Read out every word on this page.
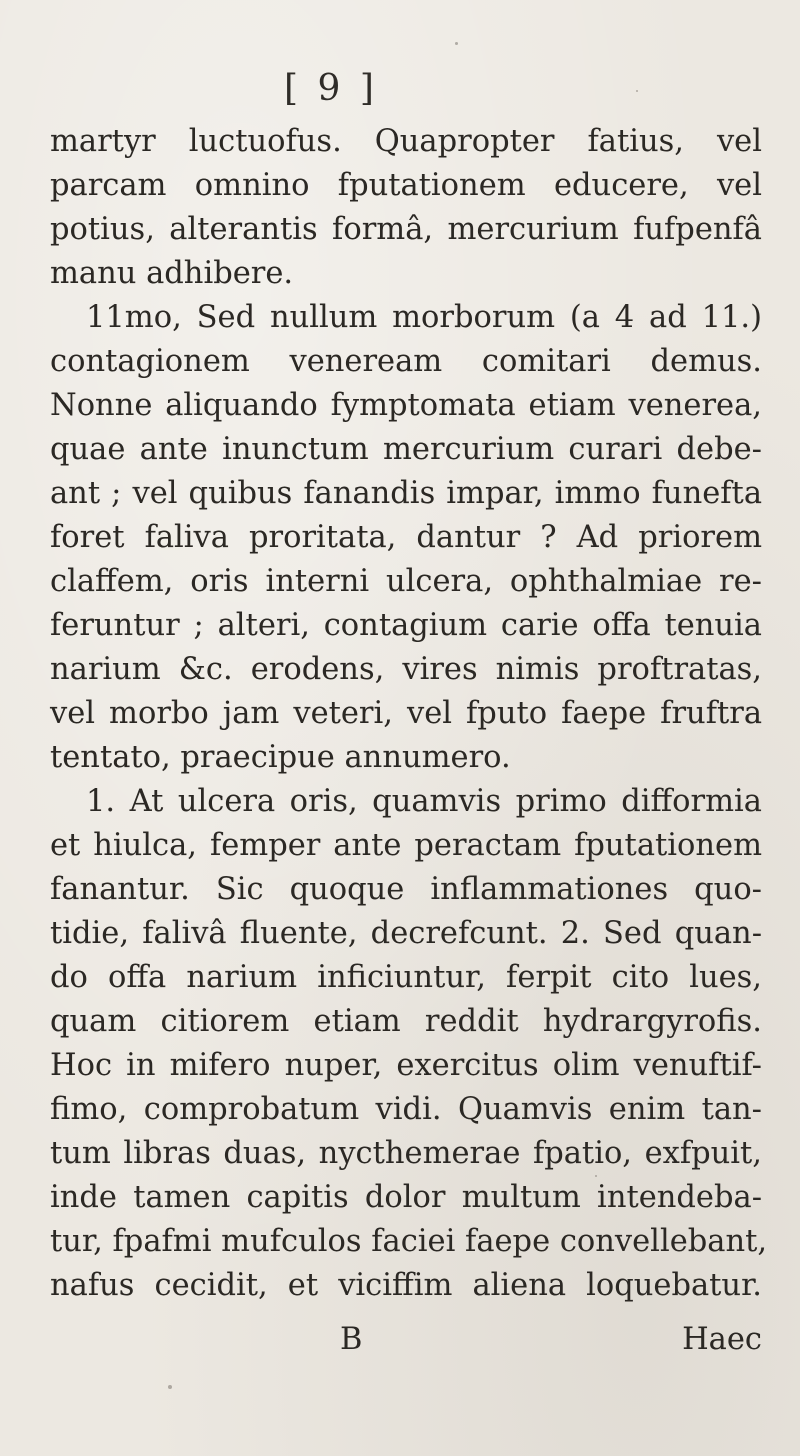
[ 9 ]
martyr luctuofus. Quapropter fatius, vel
parcam omnino fputationem educere, vel
potius, alterantis formâ, mercurium fufpenfâ
manu adhibere.
11mo, Sed nullum morborum (a 4 ad 11.)
contagionem veneream comitari demus.
Nonne aliquando fymptomata etiam venerea,
quae ante inunctum mercurium curari debe-
ant ; vel quibus fanandis impar, immo funefta
foret faliva proritata, dantur ? Ad priorem
claffem, oris interni ulcera, ophthalmiae re-
feruntur ; alteri, contagium carie offa tenuia
narium &c. erodens, vires nimis proftratas,
vel morbo jam veteri, vel fputo faepe fruftra
tentato, praecipue annumero.
1. At ulcera oris, quamvis primo difformia
et hiulca, femper ante peractam fputationem
fanantur. Sic quoque inflammationes quo-
tidie, falivâ fluente, decrefcunt. 2. Sed quan-
do offa narium inficiuntur, ferpit cito lues,
quam citiorem etiam reddit hydrargyrofis.
Hoc in mifero nuper, exercitus olim venuftif-
fimo, comprobatum vidi. Quamvis enim tan-
tum libras duas, nycthemerae fpatio, exfpuit,
inde tamen capitis dolor multum intendeba-
tur, fpafmi mufculos faciei faepe convellebant,
nafus cecidit, et viciffim aliena loquebatur.
B	Haec
